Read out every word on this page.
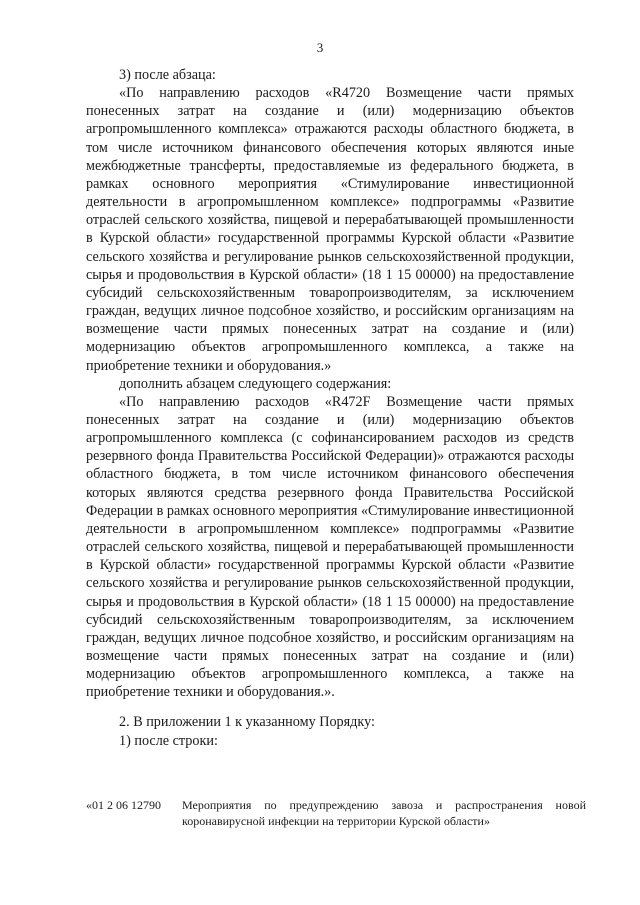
3

3) после абзаца:

«По направлению расходов «R4720 Возмещение части прямых понесенных затрат на создание и (или) модернизацию объектов агропромышленного комплекса» отражаются расходы областного бюджета, в том числе источником финансового обеспечения которых являются иные межбюджетные трансферты, предоставляемые из федерального бюджета, в рамках основного мероприятия «Стимулирование инвестиционной деятельности в агропромышленном комплексе» подпрограммы «Развитие отраслей сельского хозяйства, пищевой и перерабатывающей промышленности в Курской области» государственной программы Курской области «Развитие сельского хозяйства и регулирование рынков сельскохозяйственной продукции, сырья и продовольствия в Курской области» (18 1 15 00000) на предоставление субсидий сельскохозяйственным товаропроизводителям, за исключением граждан, ведущих личное подсобное хозяйство, и российским организациям на возмещение части прямых понесенных затрат на создание и (или) модернизацию объектов агропромышленного комплекса, а также на приобретение техники и оборудования.»

дополнить абзацем следующего содержания:

«По направлению расходов «R472F Возмещение части прямых понесенных затрат на создание и (или) модернизацию объектов агропромышленного комплекса (с софинансированием расходов из средств резервного фонда Правительства Российской Федерации)» отражаются расходы областного бюджета, в том числе источником финансового обеспечения которых являются средства резервного фонда Правительства Российской Федерации в рамках основного мероприятия «Стимулирование инвестиционной деятельности в агропромышленном комплексе» подпрограммы «Развитие отраслей сельского хозяйства, пищевой и перерабатывающей промышленности в Курской области» государственной программы Курской области «Развитие сельского хозяйства и регулирование рынков сельскохозяйственной продукции, сырья и продовольствия в Курской области» (18 1 15 00000) на предоставление субсидий сельскохозяйственным товаропроизводителям, за исключением граждан, ведущих личное подсобное хозяйство, и российским организациям на возмещение части прямых понесенных затрат на создание и (или) модернизацию объектов агропромышленного комплекса, а также на приобретение техники и оборудования.».

2. В приложении 1 к указанному Порядку:

1) после строки:

«01 2 06 12790	Мероприятия по предупреждению завоза и распространения новой коронавирусной инфекции на территории Курской области»
